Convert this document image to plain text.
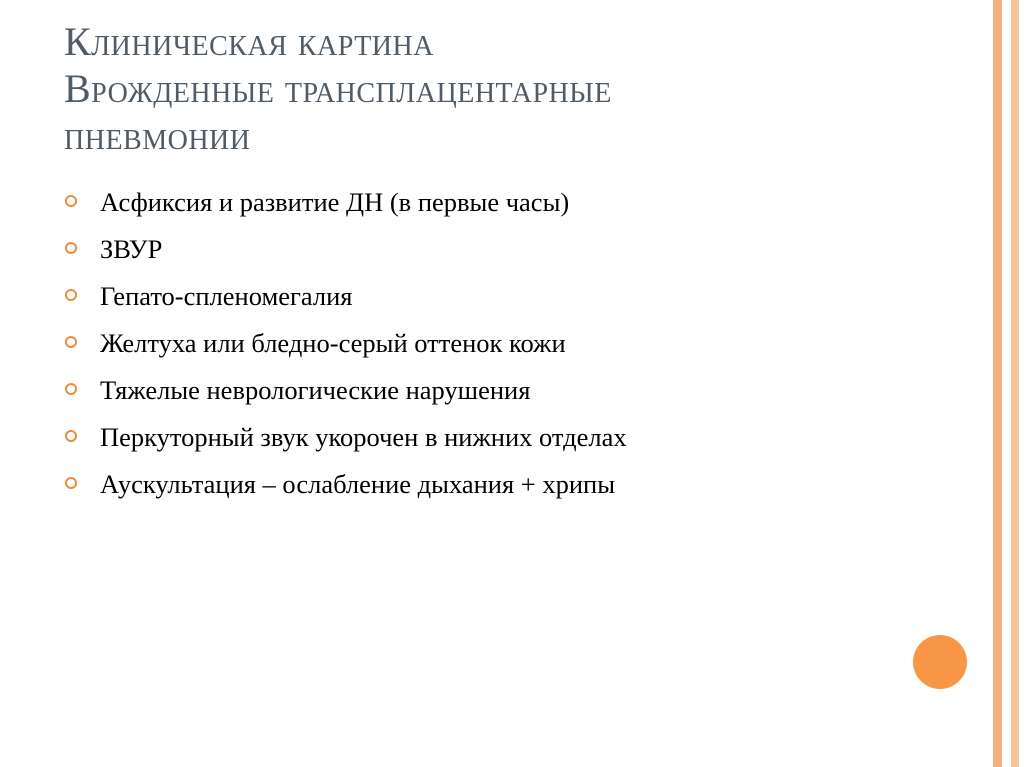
Клиническая картина
Врожденные трансплацентарные
пневмонии
Асфиксия и развитие ДН (в первые часы)
ЗВУР
Гепато-спленомегалия
Желтуха или бледно-серый оттенок кожи
Тяжелые неврологические нарушения
Перкуторный звук укорочен в нижних отделах
Аускультация – ослабление дыхания + хрипы
